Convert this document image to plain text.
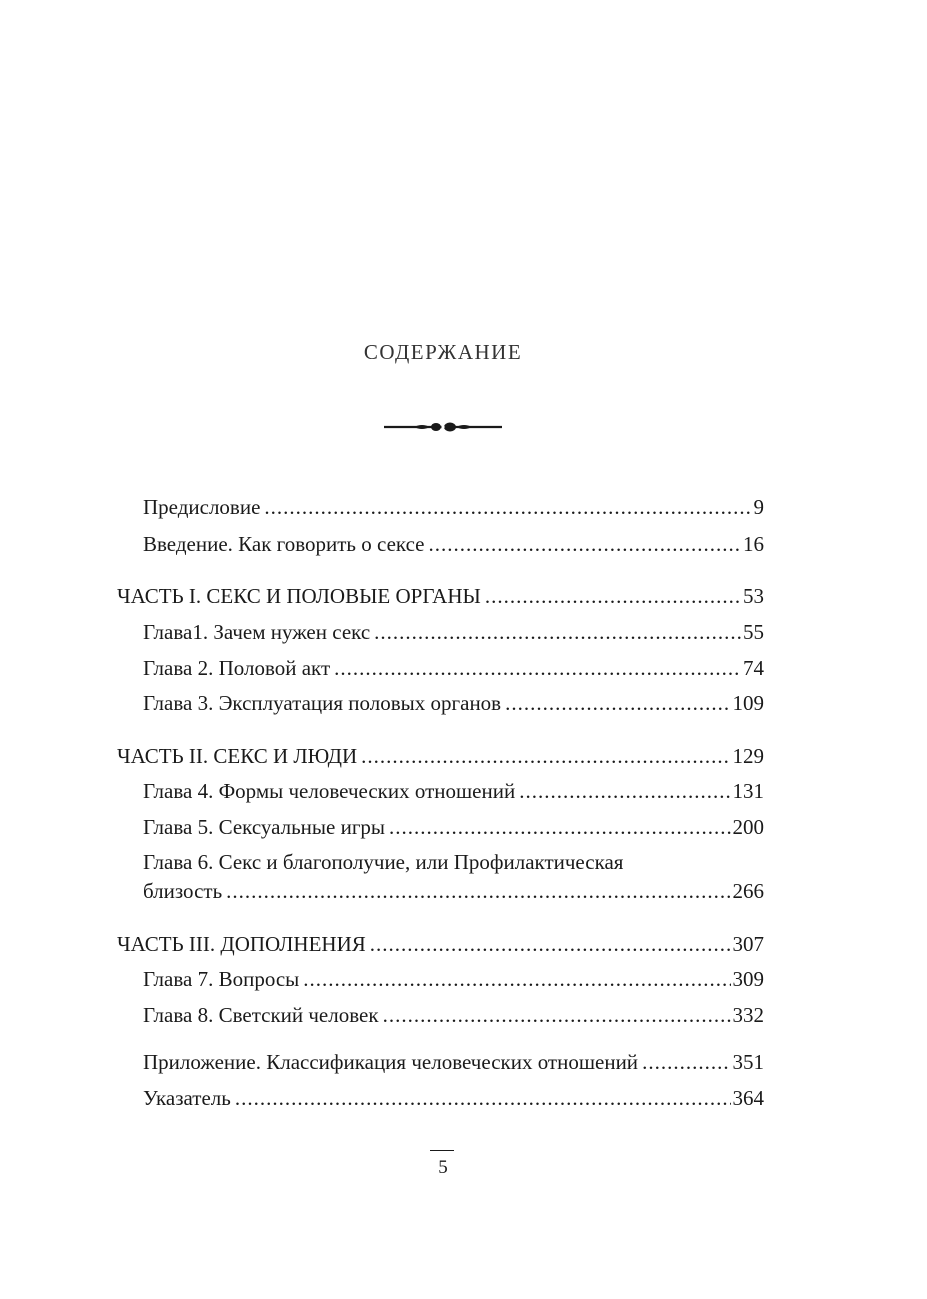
СОДЕРЖАНИЕ
Предисловие .....	9
Введение. Как говорить о сексе .....	16
ЧАСТЬ I. СЕКС И ПОЛОВЫЕ ОРГАНЫ .....	53
Глава1. Зачем нужен секс .....	55
Глава 2. Половой акт .....	74
Глава 3. Эксплуатация половых органов .....	109
ЧАСТЬ II. СЕКС И ЛЮДИ .....	129
Глава 4. Формы человеческих отношений .....	131
Глава 5. Сексуальные игры .....	200
Глава 6. Секс и благополучие, или Профилактическая
близость .....	266
ЧАСТЬ III. ДОПОЛНЕНИЯ .....	307
Глава 7. Вопросы .....	309
Глава 8. Светский человек .....	332
Приложение. Классификация человеческих отношений .....	351
Указатель .....	364
5
